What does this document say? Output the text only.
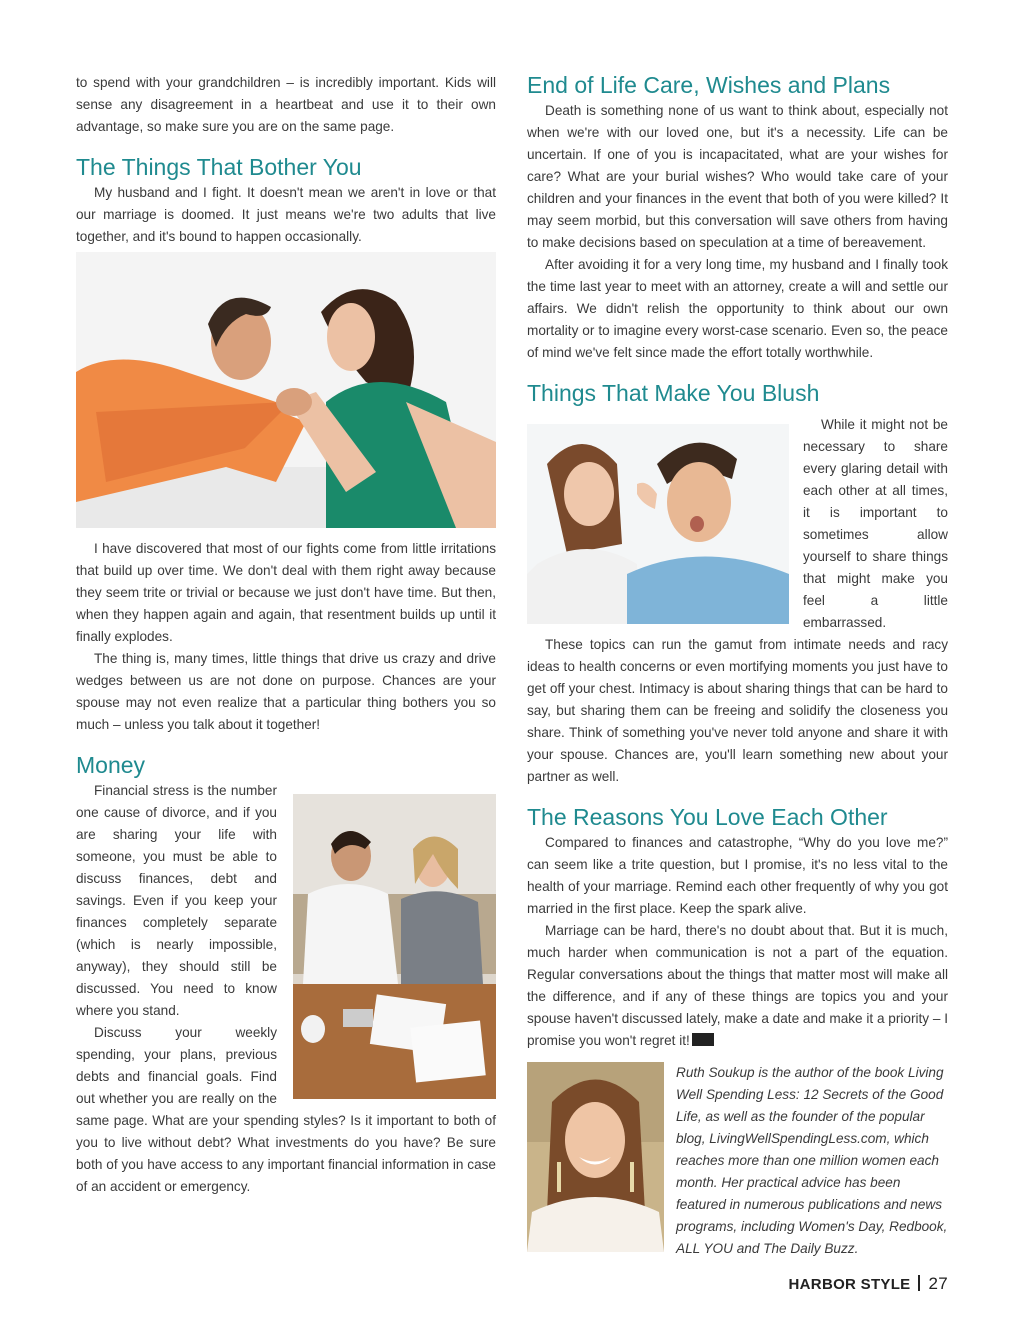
to spend with your grandchildren – is incredibly important. Kids will sense any disagreement in a heartbeat and use it to their own advantage, so make sure you are on the same page.

The Things That Bother You

My husband and I fight. It doesn't mean we aren't in love or that our marriage is doomed. It just means we're two adults that live together, and it's bound to happen occasionally.

I have discovered that most of our fights come from little irritations that build up over time. We don't deal with them right away because they seem trite or trivial or because we just don't have time. But then, when they happen again and again, that resentment builds up until it finally explodes.

The thing is, many times, little things that drive us crazy and drive wedges between us are not done on purpose. Chances are your spouse may not even realize that a particular thing bothers you so much – unless you talk about it together!

Money

Financial stress is the number one cause of divorce, and if you are sharing your life with someone, you must be able to discuss finances, debt and savings. Even if you keep your finances completely separate (which is nearly impossible, anyway), they should still be discussed. You need to know where you stand.

Discuss your weekly spending, your plans, previous debts and financial goals. Find out whether you are really on the same page. What are your spending styles? Is it important to both of you to live without debt? What investments do you have? Be sure both of you have access to any important financial information in case of an accident or emergency.

End of Life Care, Wishes and Plans

Death is something none of us want to think about, especially not when we're with our loved one, but it's a necessity. Life can be uncertain. If one of you is incapacitated, what are your wishes for care? What are your burial wishes? Who would take care of your children and your finances in the event that both of you were killed? It may seem morbid, but this conversation will save others from having to make decisions based on speculation at a time of bereavement.

After avoiding it for a very long time, my husband and I finally took the time last year to meet with an attorney, create a will and settle our affairs. We didn't relish the opportunity to think about our own mortality or to imagine every worst-case scenario. Even so, the peace of mind we've felt since made the effort totally worthwhile.

Things That Make You Blush

While it might not be necessary to share every glaring detail with each other at all times, it is important to sometimes allow yourself to share things that might make you feel a little embarrassed.

These topics can run the gamut from intimate needs and racy ideas to health concerns or even mortifying moments you just have to get off your chest. Intimacy is about sharing things that can be hard to say, but sharing them can be freeing and solidify the closeness you share. Think of something you've never told anyone and share it with your spouse. Chances are, you'll learn something new about your partner as well.

The Reasons You Love Each Other

Compared to finances and catastrophe, “Why do you love me?” can seem like a trite question, but I promise, it's no less vital to the health of your marriage. Remind each other frequently of why you got married in the first place. Keep the spark alive.

Marriage can be hard, there's no doubt about that. But it is much, much harder when communication is not a part of the equation. Regular conversations about the things that matter most will make all the difference, and if any of these things are topics you and your spouse haven't discussed lately, make a date and make it a priority – I promise you won't regret it!

Ruth Soukup is the author of the book Living Well Spending Less: 12 Secrets of the Good Life, as well as the founder of the popular blog, LivingWellSpendingLess.com, which reaches more than one million women each month. Her practical advice has been featured in numerous publications and news programs, including Women's Day, Redbook, ALL YOU and The Daily Buzz.

HARBOR STYLE 27
